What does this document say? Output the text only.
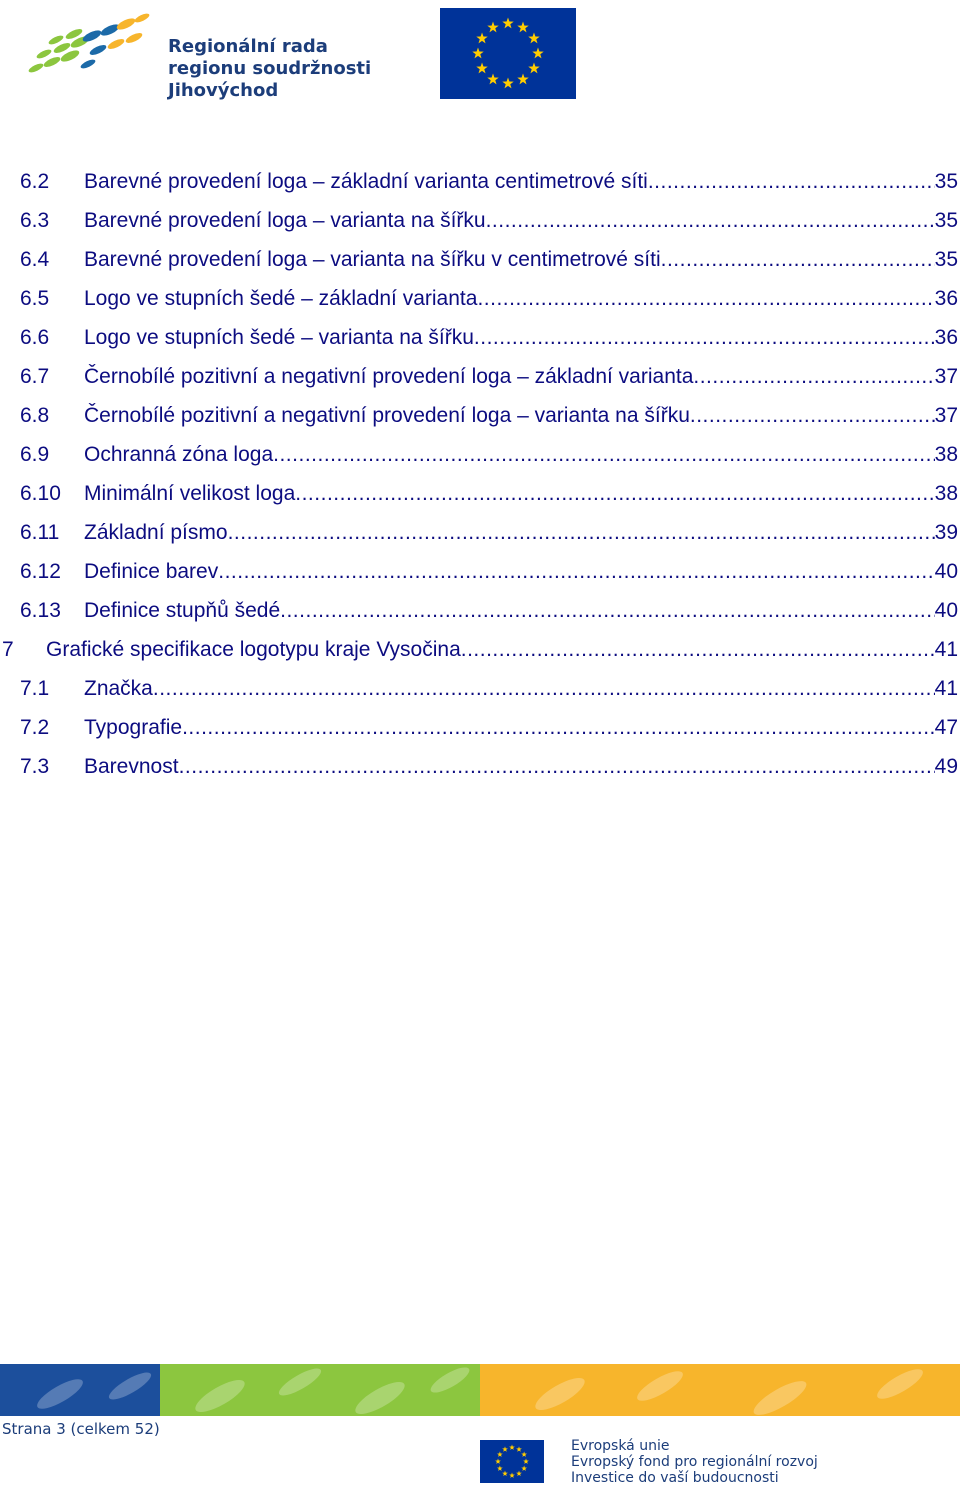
Regionální rada
regionu soudržnosti
Jihovýchod
6.2 Barevné provedení loga – základní varianta centimetrové síti .....	35
6.3 Barevné provedení loga – varianta na šířku .....	35
6.4 Barevné provedení loga – varianta na šířku v centimetrové síti .....	35
6.5 Logo ve stupních šedé – základní varianta .....	36
6.6 Logo ve stupních šedé – varianta na šířku .....	36
6.7 Černobílé pozitivní a negativní provedení loga – základní varianta .....	37
6.8 Černobílé pozitivní a negativní provedení loga – varianta na šířku .....	37
6.9 Ochranná zóna loga .....	38
6.10 Minimální velikost loga .....	38
6.11 Základní písmo .....	39
6.12 Definice barev .....	40
6.13 Definice stupňů šedé .....	40
7 Grafické specifikace logotypu kraje Vysočina .....	41
7.1 Značka .....	41
7.2 Typografie .....	47
7.3 Barevnost .....	49
Strana 3 (celkem 52)
Evropská unie
Evropský fond pro regionální rozvoj
Investice do vaší budoucnosti
